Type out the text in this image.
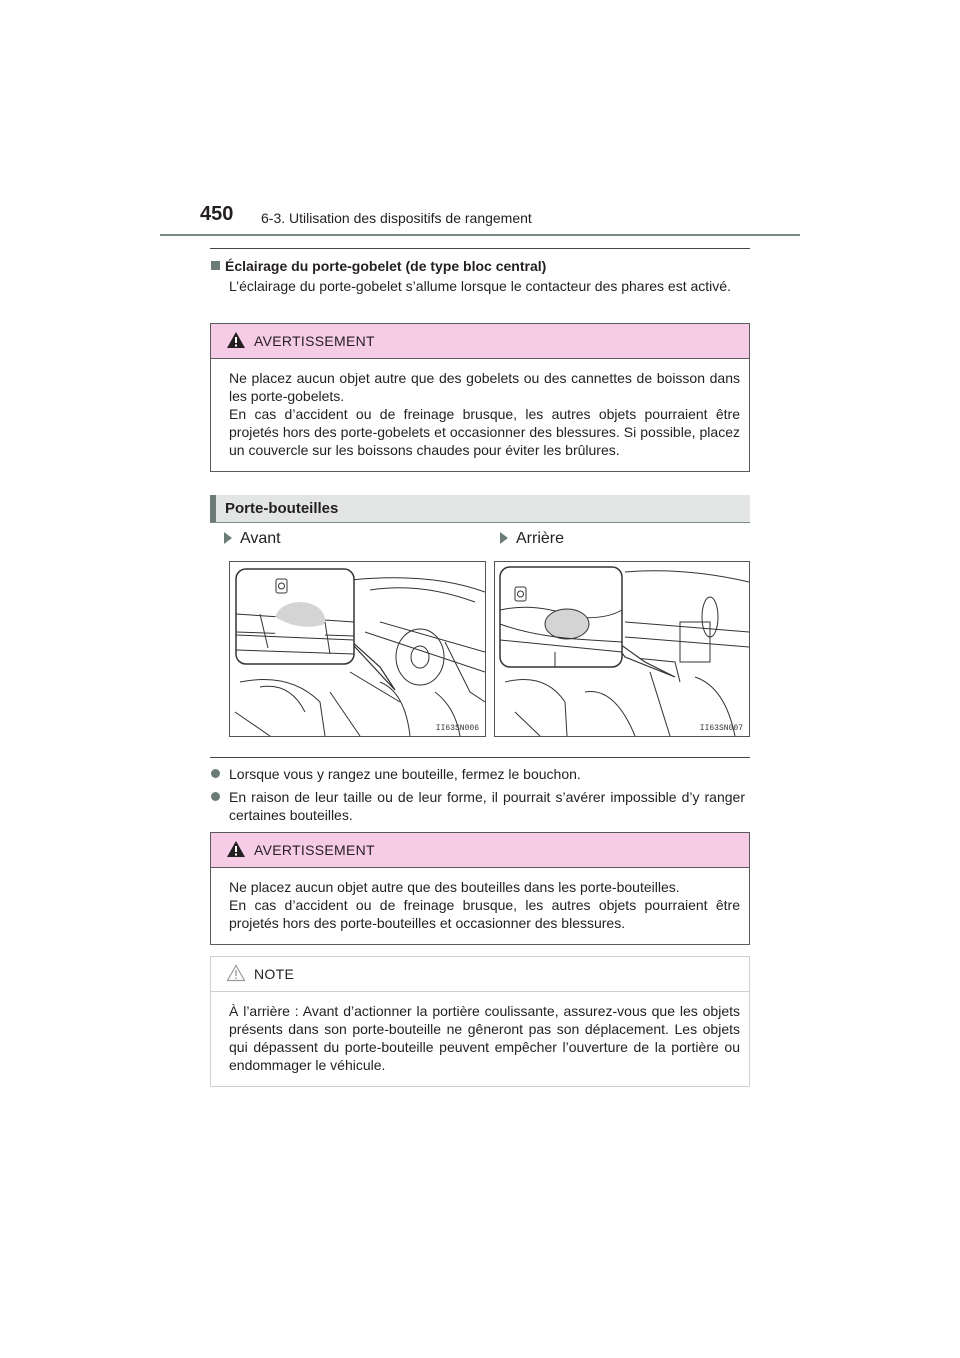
450 6-3. Utilisation des dispositifs de rangement
Éclairage du porte-gobelet (de type bloc central)
L’éclairage du porte-gobelet s’allume lorsque le contacteur des phares est activé.
AVERTISSEMENT
Ne placez aucun objet autre que des gobelets ou des cannettes de boisson dans les porte-gobelets.
En cas d’accident ou de freinage brusque, les autres objets pourraient être projetés hors des porte-gobelets et occasionner des blessures. Si possible, placez un couvercle sur les boissons chaudes pour éviter les brûlures.
Porte-bouteilles
Avant	Arrière
II63SN006	II63SN007
Lorsque vous y rangez une bouteille, fermez le bouchon.
En raison de leur taille ou de leur forme, il pourrait s’avérer impossible d’y ranger certaines bouteilles.
AVERTISSEMENT
Ne placez aucun objet autre que des bouteilles dans les porte-bouteilles.
En cas d’accident ou de freinage brusque, les autres objets pourraient être projetés hors des porte-bouteilles et occasionner des blessures.
NOTE
À l’arrière : Avant d’actionner la portière coulissante, assurez-vous que les objets présents dans son porte-bouteille ne gêneront pas son déplacement. Les objets qui dépassent du porte-bouteille peuvent empêcher l’ouverture de la portière ou endommager le véhicule.
